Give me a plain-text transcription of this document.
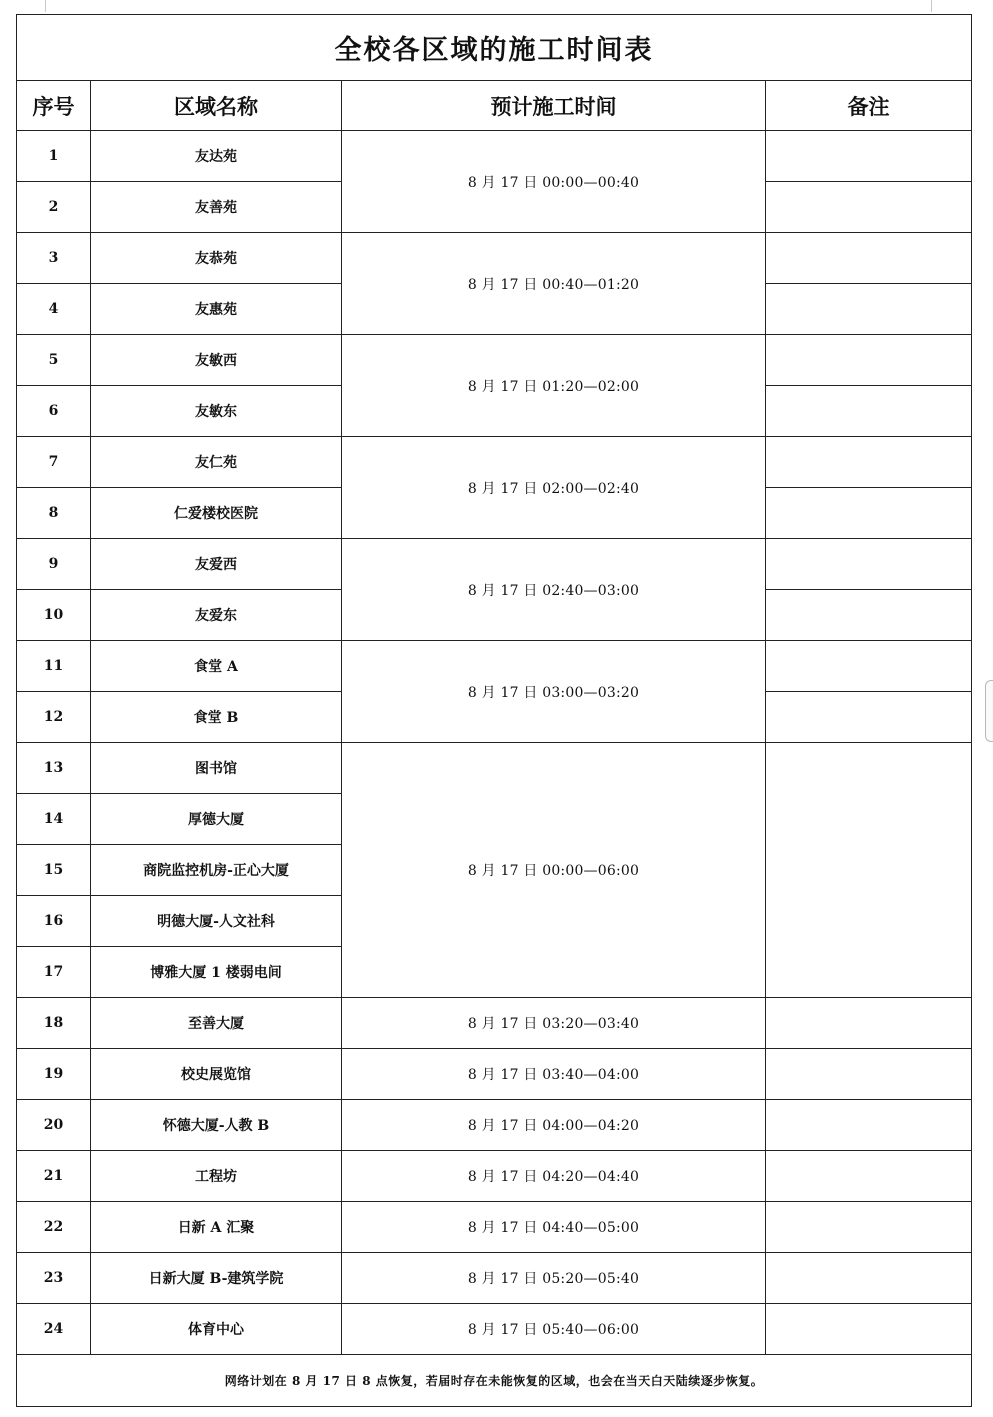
全校各区域的施工时间表			
序号	区域名称	预计施工时间	备注
1	友达苑	8 月 17 日 00:00—00:40	
2	友善苑		
3	友恭苑	8 月 17 日 00:40—01:20	
4	友惠苑		
5	友敏西	8 月 17 日 01:20—02:00	
6	友敏东		
7	友仁苑	8 月 17 日 02:00—02:40	
8	仁爱楼校医院		
9	友爱西	8 月 17 日 02:40—03:00	
10	友爱东		
11	食堂 A	8 月 17 日 03:00—03:20	
12	食堂 B		
13	图书馆	8 月 17 日 00:00—06:00	
14	厚德大厦		
15	商院监控机房-正心大厦		
16	明德大厦-人文社科		
17	博雅大厦 1 楼弱电间		
18	至善大厦	8 月 17 日 03:20—03:40	
19	校史展览馆	8 月 17 日 03:40—04:00	
20	怀德大厦-人教 B	8 月 17 日 04:00—04:20	
21	工程坊	8 月 17 日 04:20—04:40	
22	日新 A 汇聚	8 月 17 日 04:40—05:00	
23	日新大厦 B-建筑学院	8 月 17 日 05:20—05:40	
24	体育中心	8 月 17 日 05:40—06:00	
网络计划在 8 月 17 日 8 点恢复，若届时存在未能恢复的区域，也会在当天白天陆续逐步恢复。			
